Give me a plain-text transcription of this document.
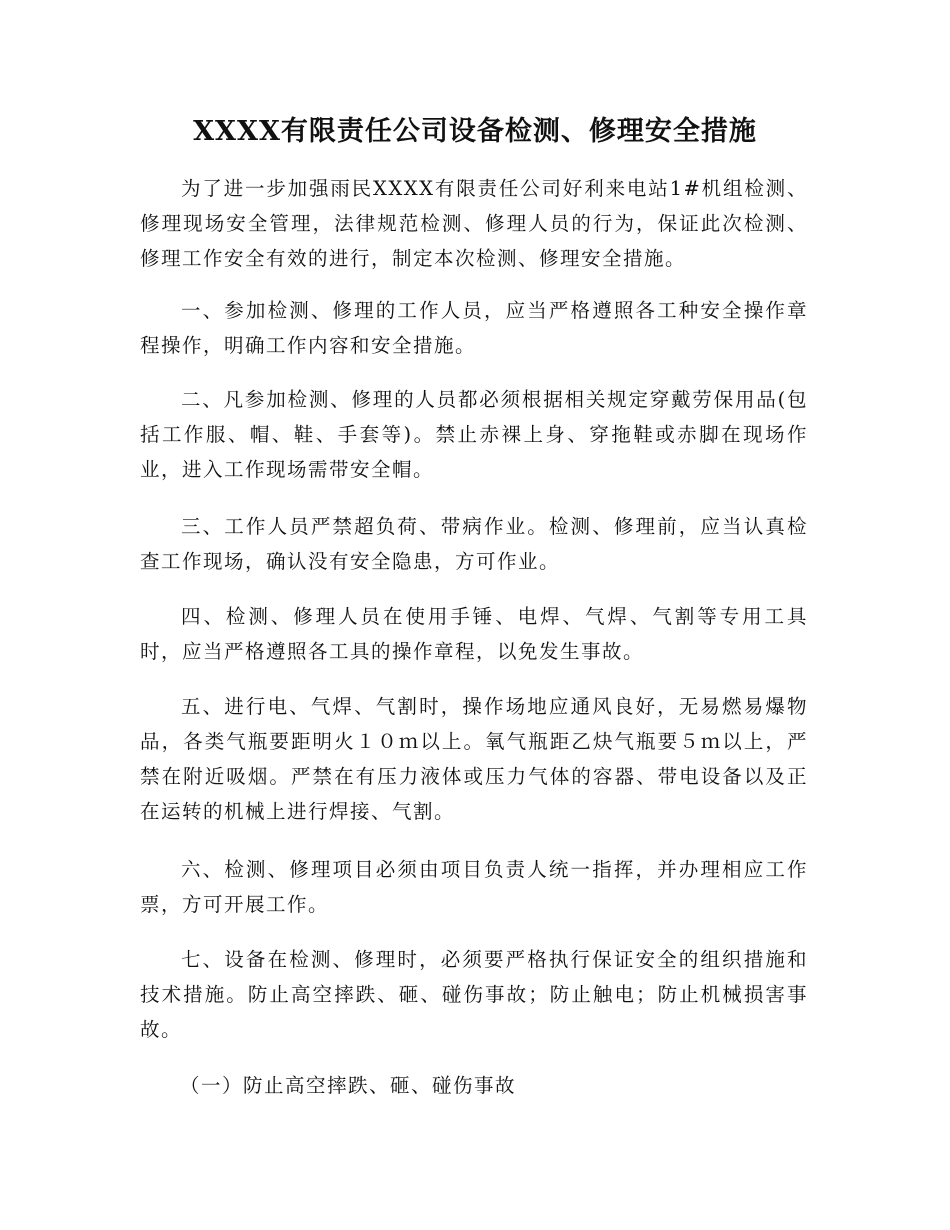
XXXX有限责任公司设备检测、修理安全措施

为了进一步加强雨民XXXX有限责任公司好利来电站1#机组检测、修理现场安全管理，法律规范检测、修理人员的行为，保证此次检测、修理工作安全有效的进行，制定本次检测、修理安全措施。

一、参加检测、修理的工作人员，应当严格遵照各工种安全操作章程操作，明确工作内容和安全措施。

二、凡参加检测、修理的人员都必须根据相关规定穿戴劳保用品(包括工作服、帽、鞋、手套等)。禁止赤裸上身、穿拖鞋或赤脚在现场作业，进入工作现场需带安全帽。

三、工作人员严禁超负荷、带病作业。检测、修理前，应当认真检查工作现场，确认没有安全隐患，方可作业。

四、检测、修理人员在使用手锤、电焊、气焊、气割等专用工具时，应当严格遵照各工具的操作章程，以免发生事故。

五、进行电、气焊、气割时，操作场地应通风良好，无易燃易爆物品，各类气瓶要距明火１０ｍ以上。氧气瓶距乙炔气瓶要５ｍ以上，严禁在附近吸烟。严禁在有压力液体或压力气体的容器、带电设备以及正在运转的机械上进行焊接、气割。

六、检测、修理项目必须由项目负责人统一指挥，并办理相应工作票，方可开展工作。

七、设备在检测、修理时，必须要严格执行保证安全的组织措施和技术措施。防止高空摔跌、砸、碰伤事故；防止触电；防止机械损害事故。

（一）防止高空摔跌、砸、碰伤事故
